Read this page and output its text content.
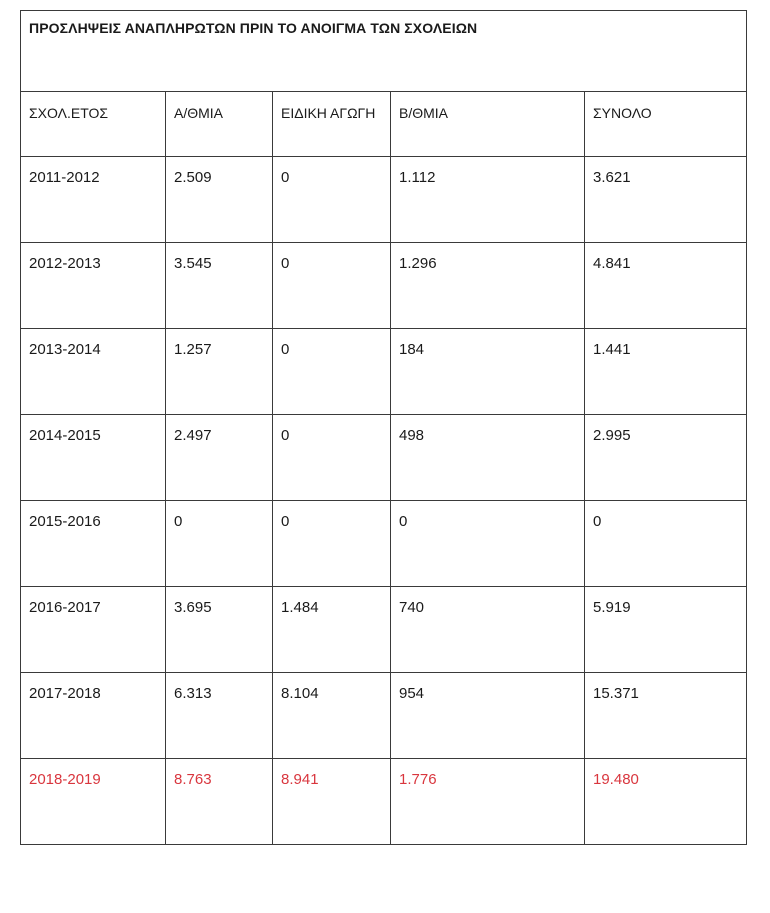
ΠΡΟΣΛΗΨΕΙΣ ΑΝΑΠΛΗΡΩΤΩΝ ΠΡΙΝ ΤΟ ΑΝΟΙΓΜΑ ΤΩΝ ΣΧΟΛΕΙΩΝ				
ΣΧΟΛ.ΕΤΟΣ	Α/ΘΜΙΑ	ΕΙΔΙΚΗ ΑΓΩΓΗ	Β/ΘΜΙΑ	ΣΥΝΟΛΟ
2011-2012	2.509	0	1.112	3.621
2012-2013	3.545	0	1.296	4.841
2013-2014	1.257	0	184	1.441
2014-2015	2.497	0	498	2.995
2015-2016	0	0	0	0
2016-2017	3.695	1.484	740	5.919
2017-2018	6.313	8.104	954	15.371
2018-2019	8.763	8.941	1.776	19.480
